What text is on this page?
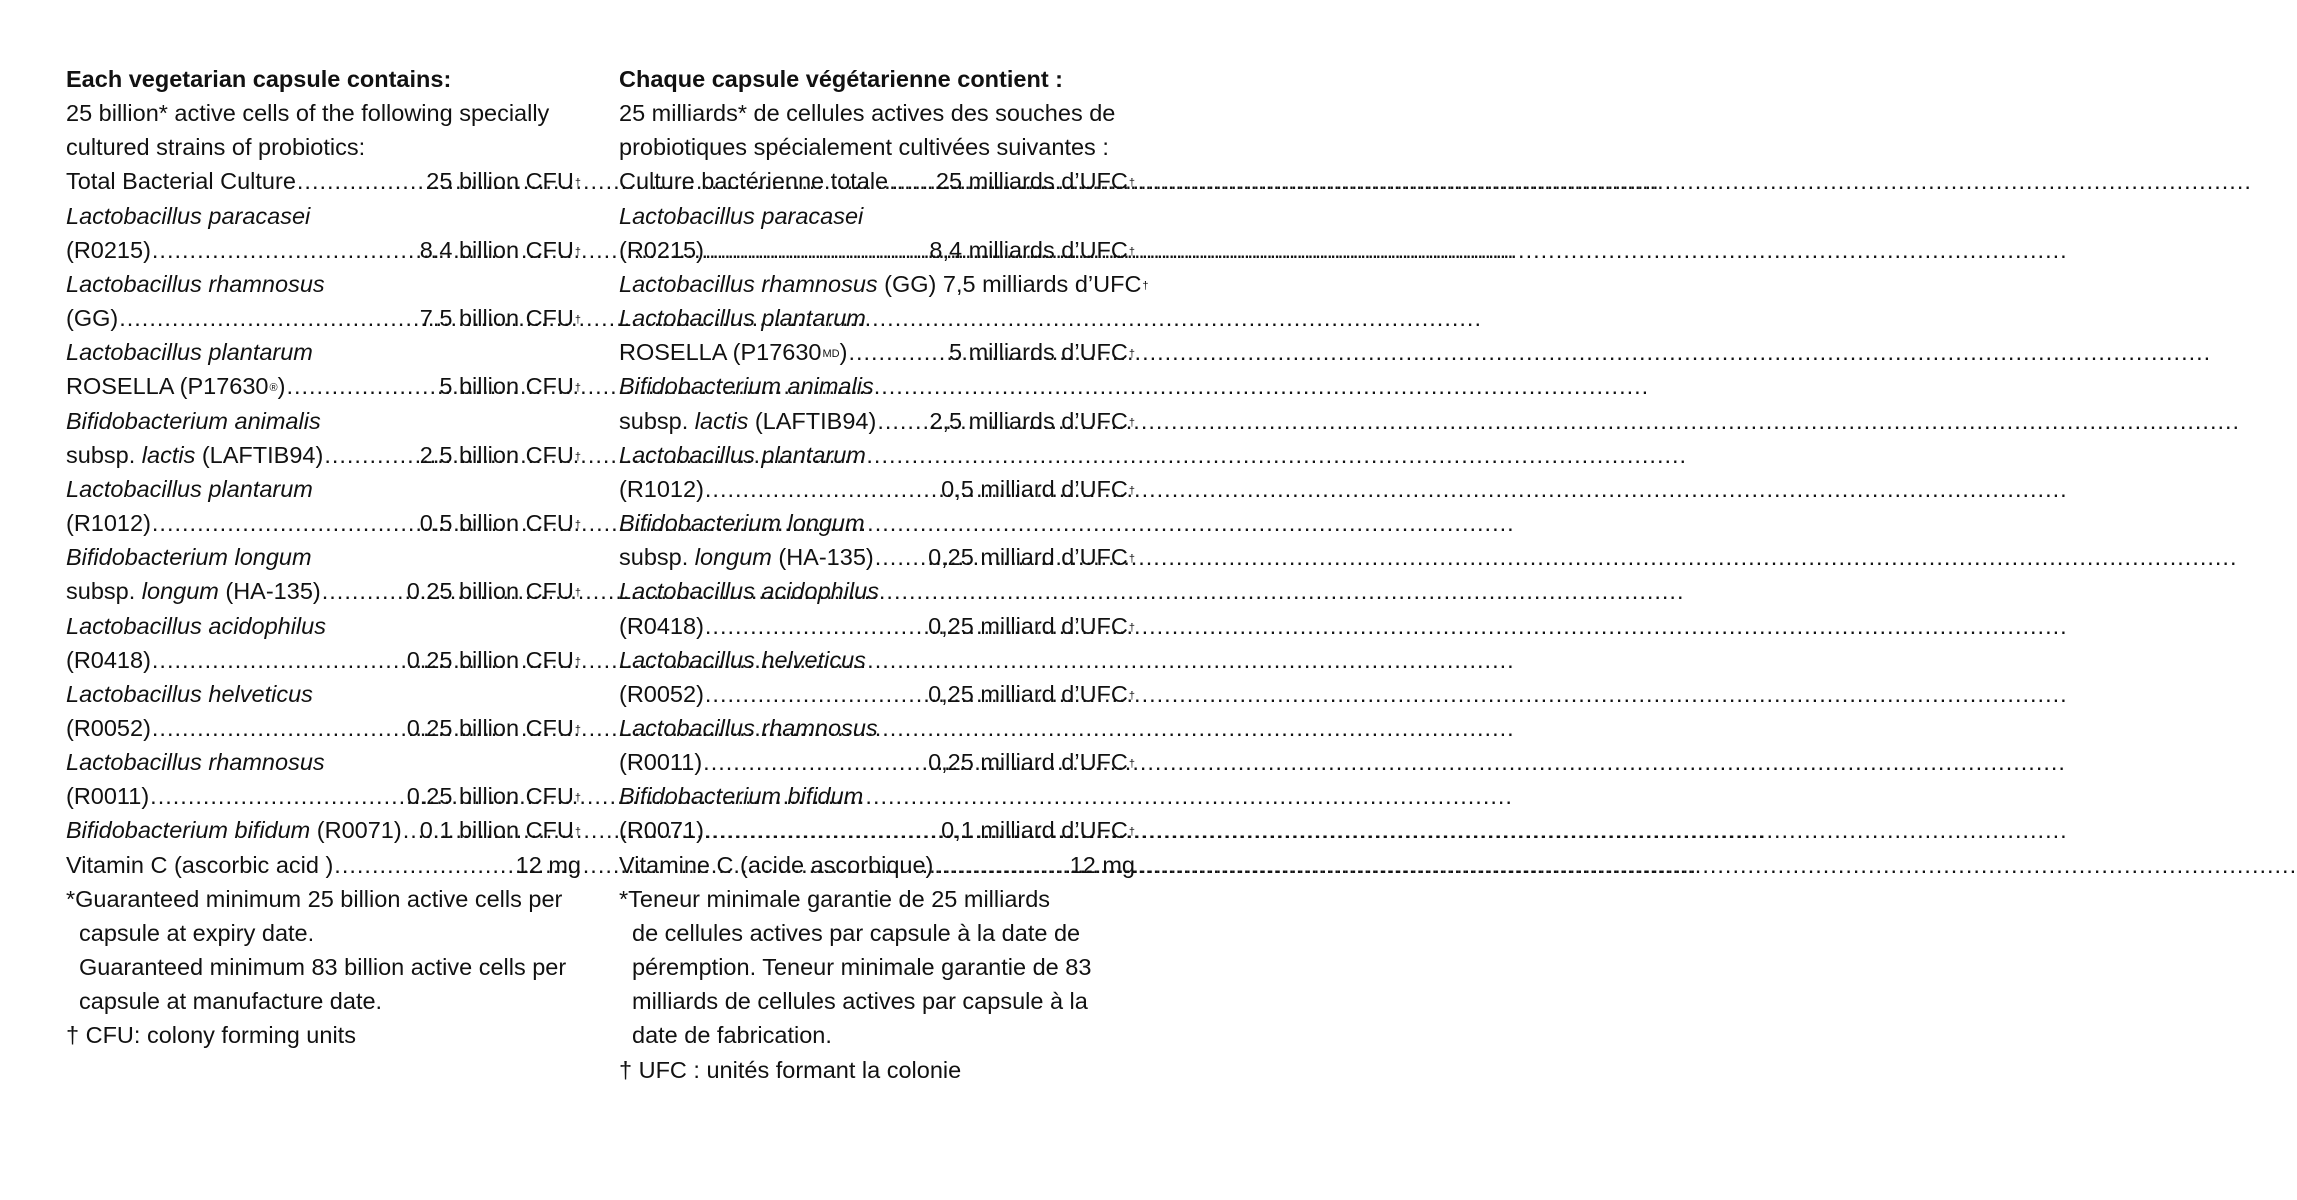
Each vegetarian capsule contains:
25 billion* active cells of the following specially
cultured strains of probiotics:
Total Bacterial Culture .....	25 billion CFU†
Lactobacillus paracasei
(R0215) .....	8.4 billion CFU†
Lactobacillus rhamnosus
(GG) .....	7.5 billion CFU†
Lactobacillus plantarum
ROSELLA (P17630®) .....	5 billion CFU†
Bifidobacterium animalis
subsp. lactis (LAFTIB94) .....	2.5 billion CFU†
Lactobacillus plantarum
(R1012) .....	0.5 billion CFU†
Bifidobacterium longum
subsp. longum (HA-135) .....	0.25 billion CFU†
Lactobacillus acidophilus
(R0418) .....	0.25 billion CFU†
Lactobacillus helveticus
(R0052) .....	0.25 billion CFU†
Lactobacillus rhamnosus
(R0011) .....	0.25 billion CFU†
Bifidobacterium bifidum (R0071) ..... 0.1 billion CFU†
Vitamin C (ascorbic acid ) .....	12 mg
*Guaranteed minimum 25 billion active cells per
capsule at expiry date.
Guaranteed minimum 83 billion active cells per
capsule at manufacture date.
† CFU: colony forming units
Chaque capsule végétarienne contient :
25 milliards* de cellules actives des souches de
probiotiques spécialement cultivées suivantes :
Culture bactérienne totale ..... 25 milliards d’UFC†
Lactobacillus paracasei
(R0215) .....	8,4 milliards d’UFC†
Lactobacillus rhamnosus (GG) 7,5 milliards d’UFC†
Lactobacillus plantarum
ROSELLA $(P17630^{MD})$ .....	5 milliards d’UFC†
Bifidobacterium animalis
subsp. lactis (LAFTIB94) ..... 2,5 milliards d’UFC†
Lactobacillus plantarum
(R1012) .....	0,5 milliard d’UFC†
Bifidobacterium longum
subsp. longum (HA-135) ..... 0,25 milliard d’UFC†
Lactobacillus acidophilus
(R0418) .....	0,25 milliard d’UFC†
Lactobacillus helveticus
(R0052) .....	0,25 milliard d’UFC†
Lactobacillus rhamnosus
(R0011) .....	0,25 milliard d’UFC†
Bifidobacterium bifidum
(R0071) .....	0,1 milliard d’UFC†
Vitamine C (acide ascorbique) .....	12 mg
*Teneur minimale garantie de 25 milliards
de cellules actives par capsule à la date de
péremption. Teneur minimale garantie de 83
milliards de cellules actives par capsule à la
date de fabrication.
† UFC : unités formant la colonie
